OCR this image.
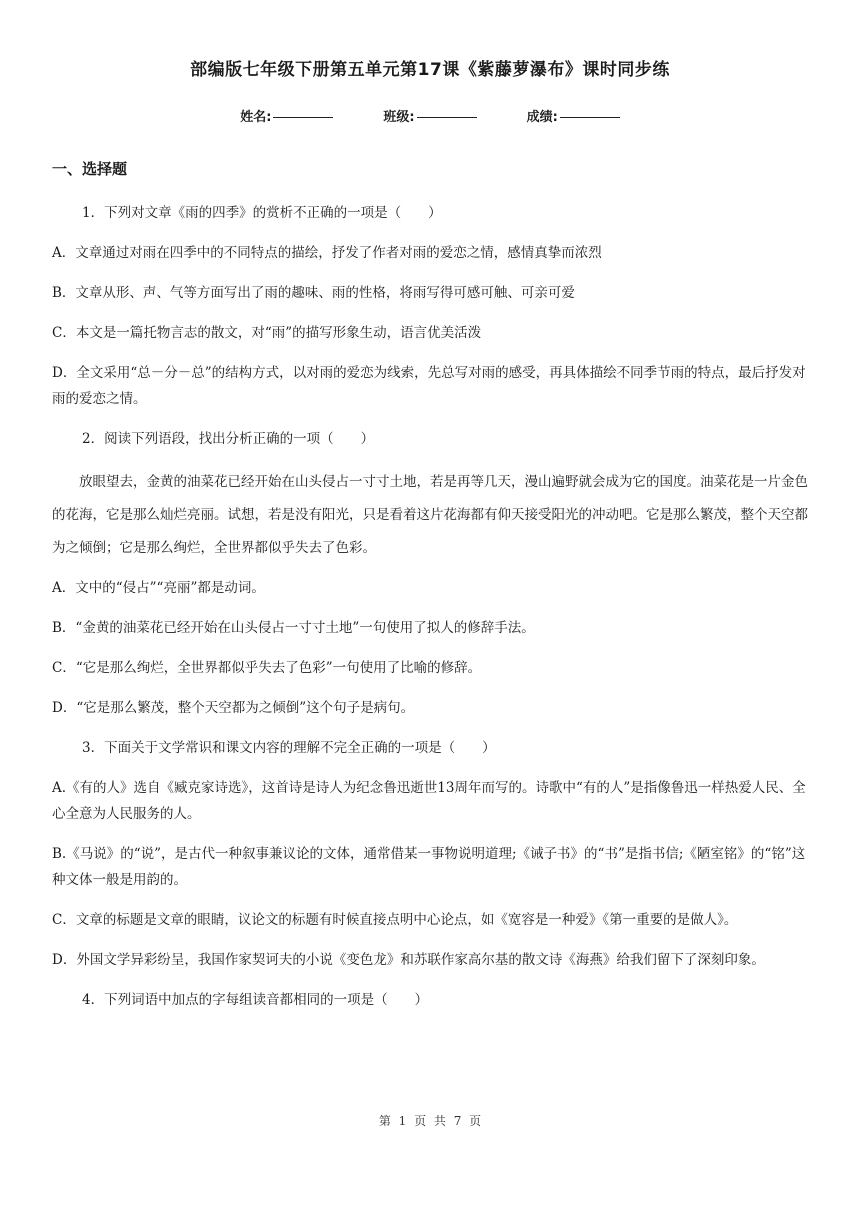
部编版七年级下册第五单元第17课《紫藤萝瀑布》课时同步练
姓名:	班级:	成绩:
一、选择题

1．下列对文章《雨的四季》的赏析不正确的一项是（　　）

A．文章通过对雨在四季中的不同特点的描绘，抒发了作者对雨的爱恋之情，感情真挚而浓烈

B．文章从形、声、气等方面写出了雨的趣味、雨的性格，将雨写得可感可触、可亲可爱

C．本文是一篇托物言志的散文，对“雨”的描写形象生动，语言优美活泼

D．全文采用“总－分－总”的结构方式，以对雨的爱恋为线索，先总写对雨的感受，再具体描绘不同季节雨的特点，最后抒发对雨的爱恋之情。

2．阅读下列语段，找出分析正确的一项（　　）

放眼望去，金黄的油菜花已经开始在山头侵占一寸寸土地，若是再等几天，漫山遍野就会成为它的国度。油菜花是一片金色的花海，它是那么灿烂亮丽。试想，若是没有阳光，只是看着这片花海都有仰天接受阳光的冲动吧。它是那么繁茂，整个天空都为之倾倒；它是那么绚烂，全世界都似乎失去了色彩。

A．文中的“侵占”“亮丽”都是动词。

B．“金黄的油菜花已经开始在山头侵占一寸寸土地”一句使用了拟人的修辞手法。

C．“它是那么绚烂，全世界都似乎失去了色彩”一句使用了比喻的修辞。

D．“它是那么繁茂，整个天空都为之倾倒”这个句子是病句。

3．下面关于文学常识和课文内容的理解不完全正确的一项是（　　）

A.《有的人》选自《臧克家诗选》，这首诗是诗人为纪念鲁迅逝世13周年而写的。诗歌中“有的人”是指像鲁迅一样热爱人民、全心全意为人民服务的人。

B.《马说》的“说”，是古代一种叙事兼议论的文体，通常借某一事物说明道理;《诫子书》的“书”是指书信;《陋室铭》的“铭”这种文体一般是用韵的。

C．文章的标题是文章的眼睛，议论文的标题有时候直接点明中心论点，如《宽容是一种爱》《第一重要的是做人》。

D．外国文学异彩纷呈，我国作家契诃夫的小说《变色龙》和苏联作家高尔基的散文诗《海燕》给我们留下了深刻印象。

4．下列词语中加点的字每组读音都相同的一项是（　　）

第 1 页 共 7 页
